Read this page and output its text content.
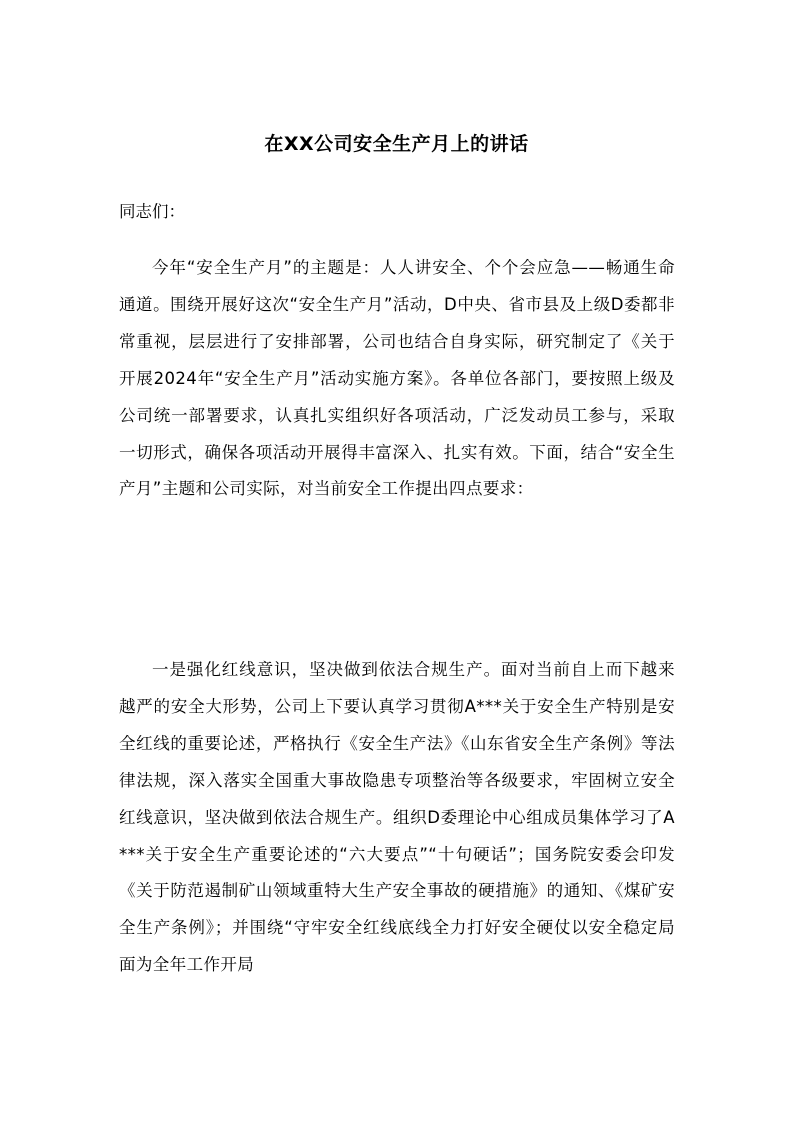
在XX公司安全生产月上的讲话
同志们：

今年“安全生产月”的主题是：人人讲安全、个个会应急——畅通生命通道。围绕开展好这次“安全生产月”活动，D中央、省市县及上级D委都非常重视，层层进行了安排部署，公司也结合自身实际，研究制定了《关于开展2024年“安全生产月”活动实施方案》。各单位各部门，要按照上级及公司统一部署要求，认真扎实组织好各项活动，广泛发动员工参与，采取一切形式，确保各项活动开展得丰富深入、扎实有效。下面，结合“安全生产月”主题和公司实际，对当前安全工作提出四点要求：

一是强化红线意识，坚决做到依法合规生产。面对当前自上而下越来越严的安全大形势，公司上下要认真学习贯彻A***关于安全生产特别是安全红线的重要论述，严格执行《安全生产法》《山东省安全生产条例》等法律法规，深入落实全国重大事故隐患专项整治等各级要求，牢固树立安全红线意识，坚决做到依法合规生产。组织D委理论中心组成员集体学习了A***关于安全生产重要论述的“六大要点”“十句硬话”；国务院安委会印发《关于防范遏制矿山领域重特大生产安全事故的硬措施》的通知、《煤矿安全生产条例》；并围绕“守牢安全红线底线全力打好安全硬仗以安全稳定局面为全年工作开局
